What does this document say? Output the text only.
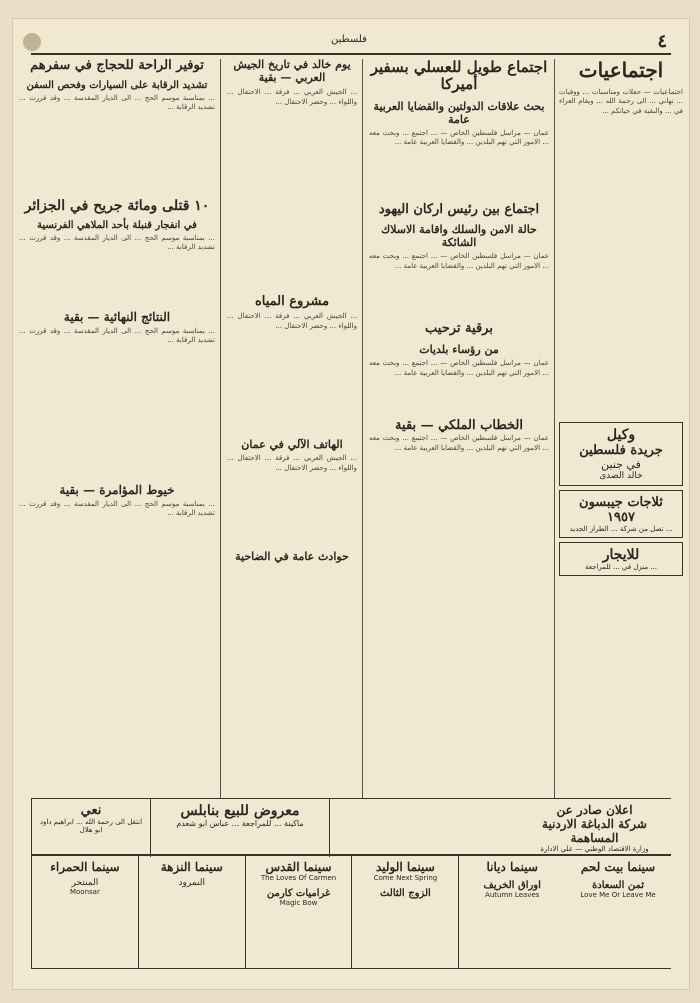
٤
فلسطين
اجتماعيات
اجتماعيات — حفلات ومناسبات ... ووفيات ... تهاني ... الى رحمة الله ... ويقام العزاء في ... والبقية في حياتكم ...
وكيل
جريدة فلسطين
في جنين
خالد الصدى
ثلاجات جيبسون
١٩٥٧
تصل من شركة ... الطراز الجديد ...
للايجار
منزل في ... للمراجعة ...
اجتماع طويل للعسلي بسفير أميركا
بحث علاقات الدولتين والقضايا العربية عامة
عمان — مراسل فلسطين الخاص — ... اجتمع ... وبحث معه ... الامور التي تهم البلدين ... والقضايا العربية عامة ...
اجتماع بين رئيس اركان اليهود
حالة الامن والسلك واقامة الاسلاك الشائكة
عمان — مراسل فلسطين الخاص — ... اجتمع ... وبحث معه ... الامور التي تهم البلدين ... والقضايا العربية عامة ...
برقية ترحيب
من رؤساء بلديات
عمان — مراسل فلسطين الخاص — ... اجتمع ... وبحث معه ... الامور التي تهم البلدين ... والقضايا العربية عامة ...
الخطاب الملكي — بقية
عمان — مراسل فلسطين الخاص — ... اجتمع ... وبحث معه ... الامور التي تهم البلدين ... والقضايا العربية عامة ...
يوم خالد في تاريخ الجيش العربي — بقية
... الجيش العربي ... فرقة ... الاحتفال ... واللواء ... وحضر الاحتفال ...
مشروع المياه
... الجيش العربي ... فرقة ... الاحتفال ... واللواء ... وحضر الاحتفال ...
الهاتف الآلي في عمان
... الجيش العربي ... فرقة ... الاحتفال ... واللواء ... وحضر الاحتفال ...
حوادث عامة في الضاحية
توفير الراحة للحجاج في سفرهم
تشديد الرقابة على السيارات وفحص السفن
... بمناسبة موسم الحج ... الى الديار المقدسة ... وقد قررت ... تشديد الرقابة ...
١٠ قتلى ومائة جريح في الجزائر
في انفجار قنبلة بأحد الملاهي الفرنسية
... بمناسبة موسم الحج ... الى الديار المقدسة ... وقد قررت ... تشديد الرقابة ...
النتائج النهائية — بقية
... بمناسبة موسم الحج ... الى الديار المقدسة ... وقد قررت ... تشديد الرقابة ...
خيوط المؤامرة — بقية
... بمناسبة موسم الحج ... الى الديار المقدسة ... وقد قررت ... تشديد الرقابة ...
نعي
انتقل الى رحمة الله ... ابراهيم داود ابو هلال
معروض للبيع بنابلس
ماكينة ... للمراجعة ... عباس ابو شعدم
اعلان صادر عن
شركة الدباغة الاردنية المساهمة
وزارة الاقتصاد الوطني — علي الادارة
سينما الحمراء
المنتحر
Moonsar
سينما النزهة
النمرود
سينما القدس
The Loves Of Carmen
غراميات كارمن
Magic Bow
سينما الوليد
Come Next Spring
الزوج الثالث
سينما ديانا
اوراق الخريف
Autumn Leaves
سينما بيت لحم
ثمن السعادة
Love Me Or Leave Me
